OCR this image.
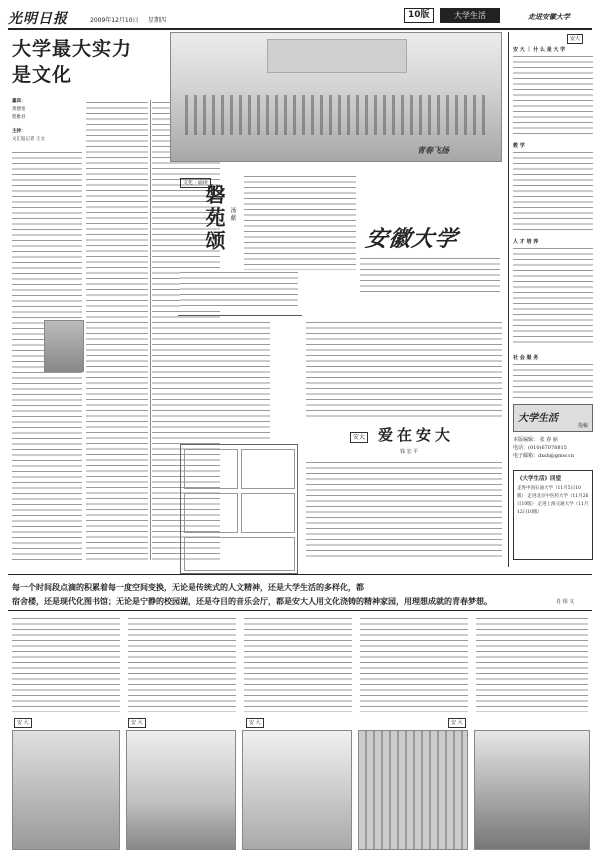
光明日报	2009年12月10日 星期四
10版	大学生活	走进安徽大学
大学最大实力
是文化
嘉宾：
黄德宽
程雅君
主持：
文汇报记者 王文
青春飞扬
文化 · 诵读
磐苑颂 汤 献
安徽大学
安大 爱在安大
钱 宏 平
安大
安 大 ｜ 什 么 是 大 学
教 学
人 才 培 养
社 会 服 务
大学生活
投稿
本版编辑： 张 春 丽
电话：(010)67078815
电子邮箱：dxsh@gmw.cn
《大学生活》回望
走进中国石油大学（11月5日10版） 走进北京中医药大学（11月26日10版） 走进上海交通大学（11月12日10版）
每一个时间段点滴的积累着每一度空间变换，无论是传统式的人文精神，还是大学生活的多样化，都
宿舍楼，还是现代化图书馆；无论是宁静的校园湖，还是夺目的音乐会厅，都是安大人用文化浇铸的精神家园，用理想成就的青春梦想。	肖 相 文
安 大	安 大	安 大	安 大
